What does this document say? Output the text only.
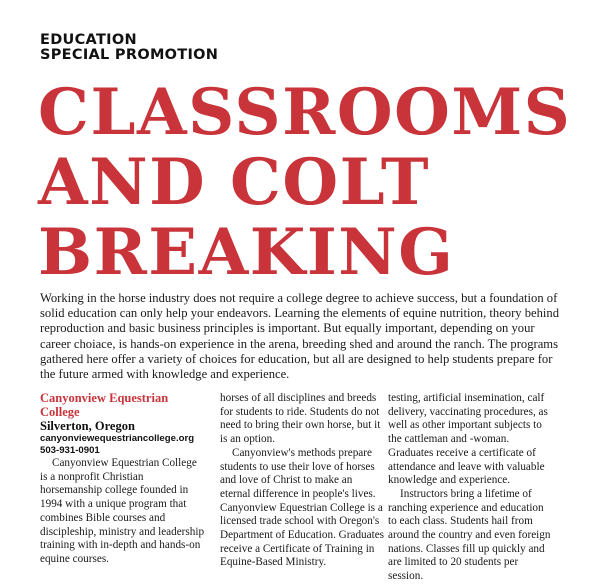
EDUCATION
SPECIAL PROMOTION
CLASSROOMS
AND COLT
BREAKING

Working in the horse industry does not require a college degree to achieve success, but a foundation of solid education can only help your endeavors. Learning the elements of equine nutrition, theory behind reproduction and basic business principles is important. But equally important, depending on your career choiace, is hands-on experience in the arena, breeding shed and around the ranch. The programs gathered here offer a variety of choices for education, but all are designed to help students prepare for the future armed with knowledge and experience.

Canyonview Equestrian College

Silverton, Oregon

canyonviewequestriancollege.org

503-931-0901

Canyonview Equestrian College is a nonprofit Christian horsemanship college founded in 1994 with a unique program that combines Bible courses and discipleship, ministry and leadership training with in-depth and hands-on equine courses.

horses of all disciplines and breeds for students to ride. Students do not need to bring their own horse, but it is an option.

Canyonview's methods prepare students to use their love of horses and love of Christ to make an eternal difference in people's lives. Canyonview Equestrian College is a licensed trade school with Oregon's Department of Education. Graduates receive a Certificate of Training in Equine-Based Ministry.

testing, artificial insemination, calf delivery, vaccinating procedures, as well as other important subjects to the cattleman and -woman. Graduates receive a certificate of attendance and leave with valuable knowledge and experience.

Instructors bring a lifetime of ranching experience and education to each class. Students hail from around the country and even foreign nations. Classes fill up quickly and are limited to 20 students per session.
